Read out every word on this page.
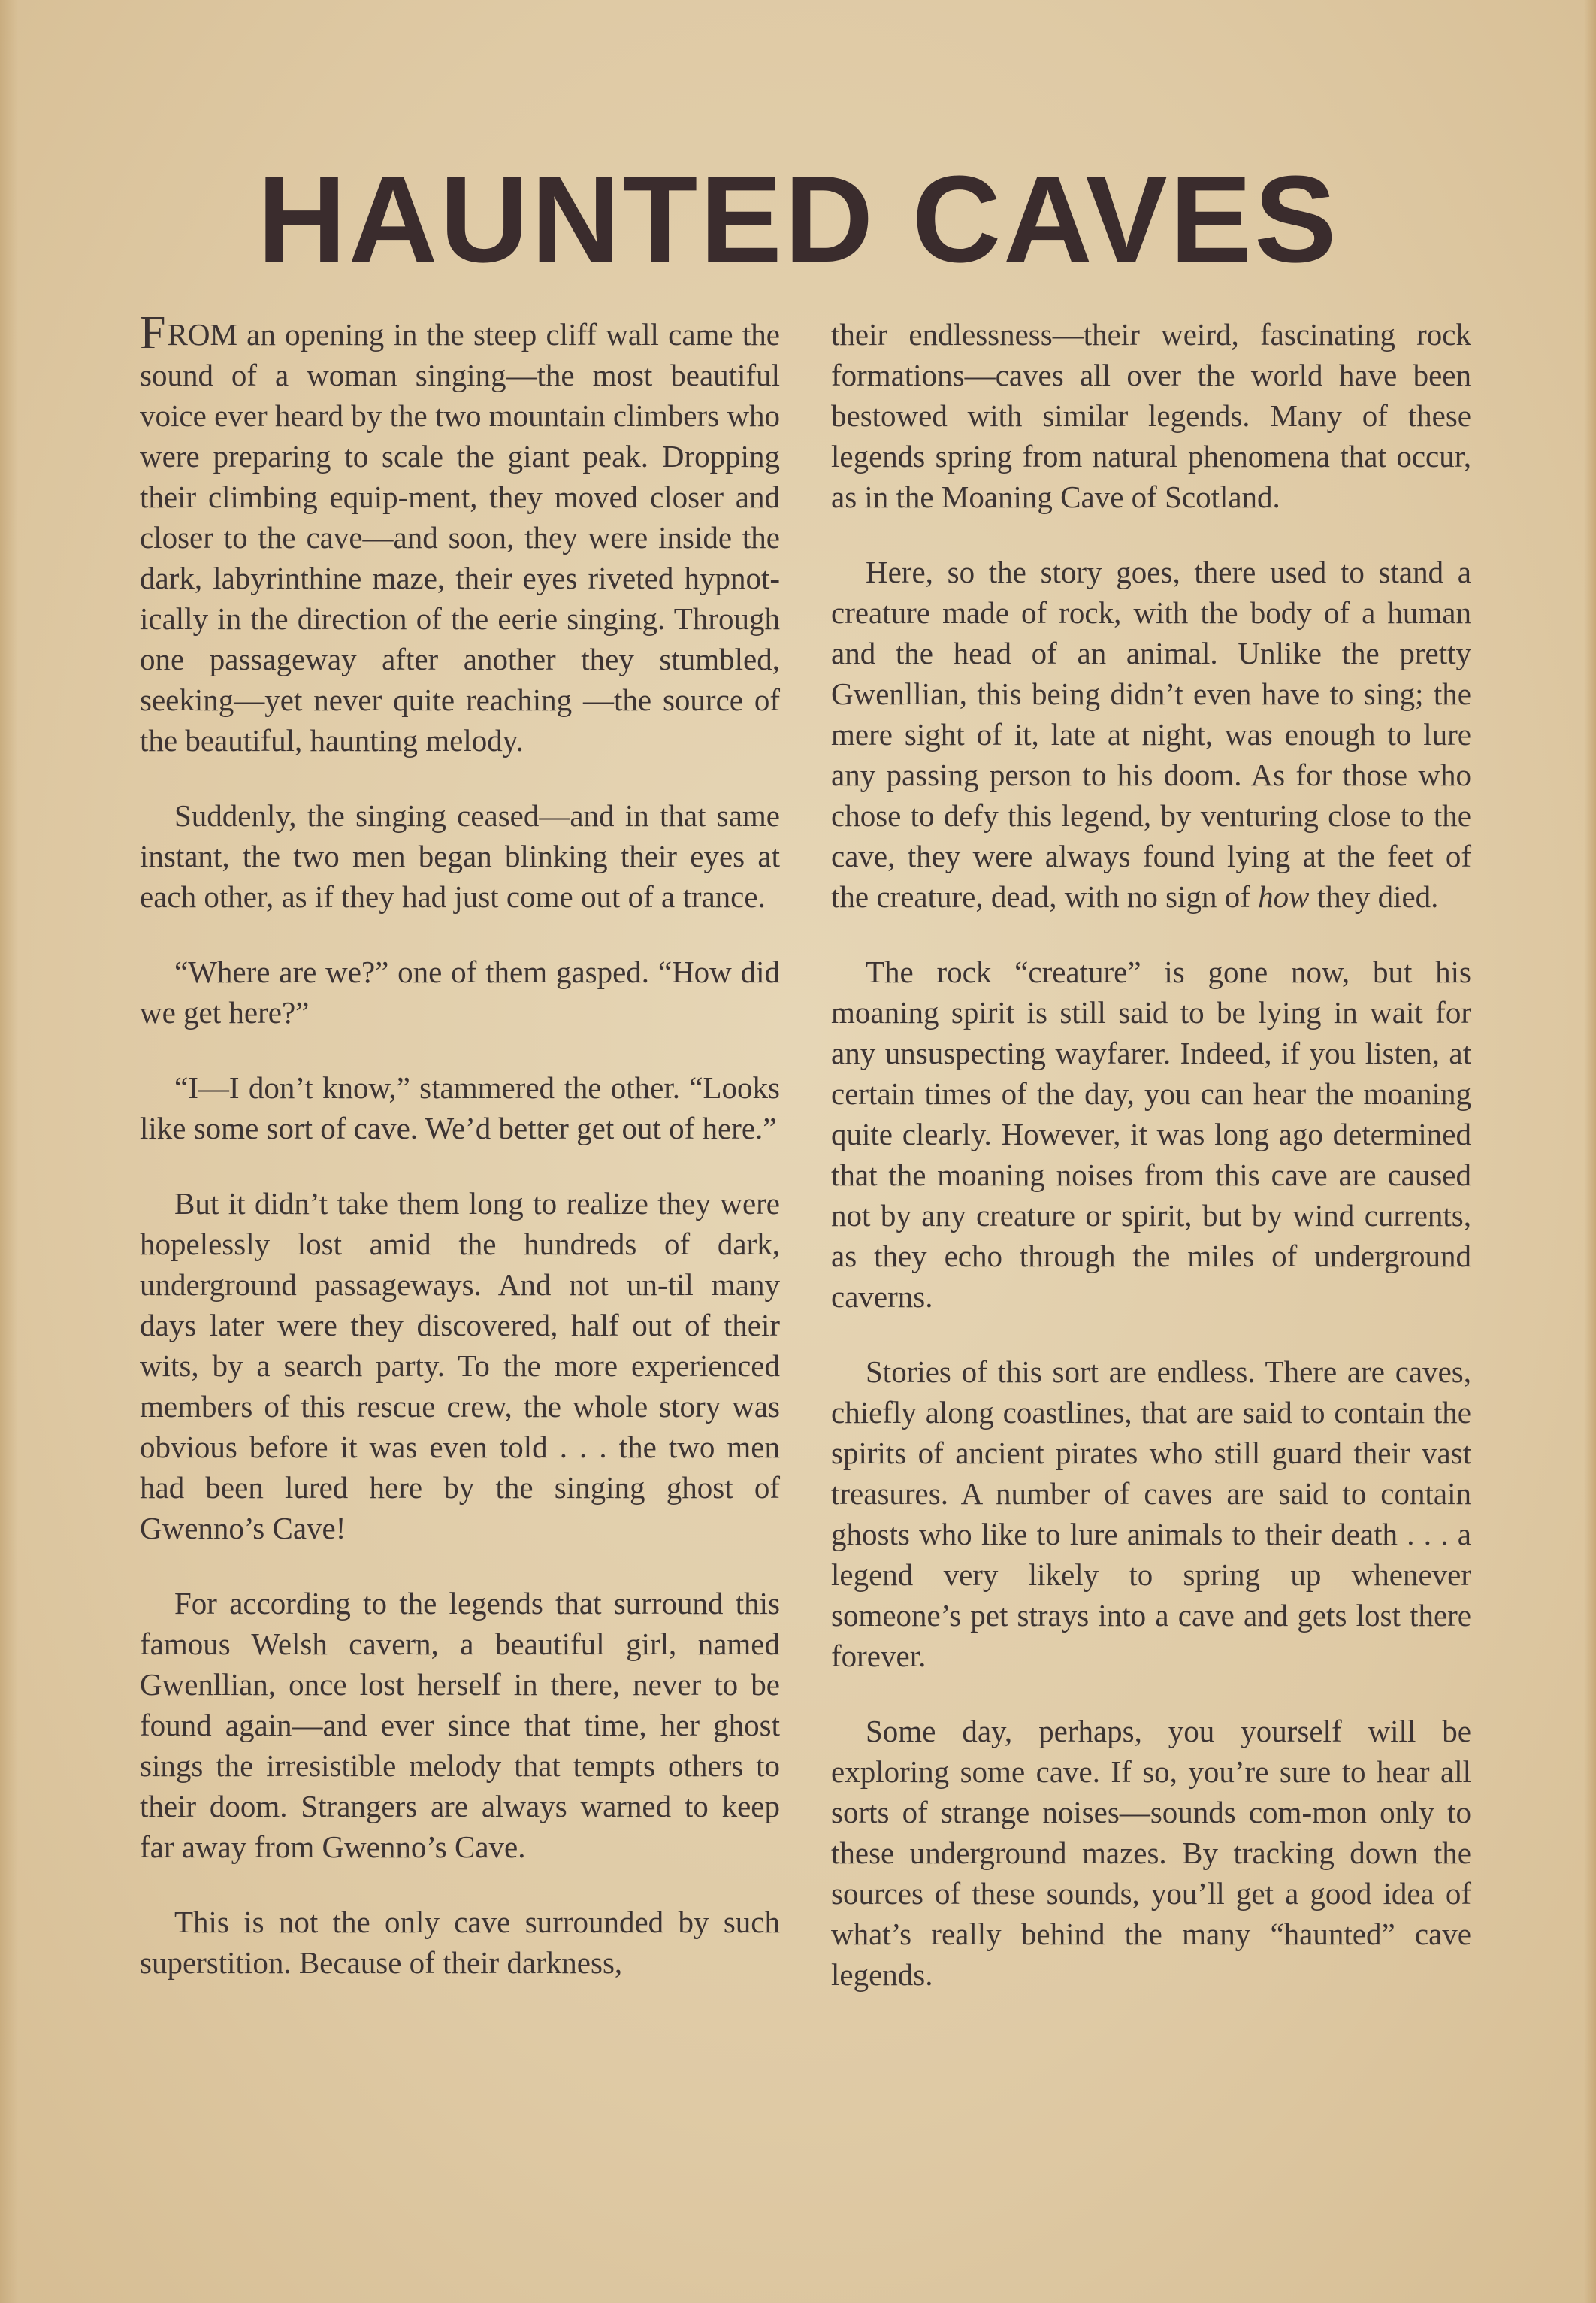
HAUNTED CAVES

FROM an opening in the steep cliff wall came the sound of a woman singing—the most beautiful voice ever heard by the two mountain climbers who were preparing to scale the giant peak. Dropping their climbing equip-ment, they moved closer and closer to the cave—and soon, they were inside the dark, labyrinthine maze, their eyes riveted hypnot-ically in the direction of the eerie singing. Through one passageway after another they stumbled, seeking—yet never quite reaching —the source of the beautiful, haunting melody.

Suddenly, the singing ceased—and in that same instant, the two men began blinking their eyes at each other, as if they had just come out of a trance.

“Where are we?” one of them gasped. “How did we get here?”

“I—I don’t know,” stammered the other. “Looks like some sort of cave. We’d better get out of here.”

But it didn’t take them long to realize they were hopelessly lost amid the hundreds of dark, underground passageways. And not un-til many days later were they discovered, half out of their wits, by a search party. To the more experienced members of this rescue crew, the whole story was obvious before it was even told . . . the two men had been lured here by the singing ghost of Gwenno’s Cave!

For according to the legends that surround this famous Welsh cavern, a beautiful girl, named Gwenllian, once lost herself in there, never to be found again—and ever since that time, her ghost sings the irresistible melody that tempts others to their doom. Strangers are always warned to keep far away from Gwenno’s Cave.

This is not the only cave surrounded by such superstition. Because of their darkness,

their endlessness—their weird, fascinating rock formations—caves all over the world have been bestowed with similar legends. Many of these legends spring from natural phenomena that occur, as in the Moaning Cave of Scotland.

Here, so the story goes, there used to stand a creature made of rock, with the body of a human and the head of an animal. Unlike the pretty Gwenllian, this being didn’t even have to sing; the mere sight of it, late at night, was enough to lure any passing person to his doom. As for those who chose to defy this legend, by venturing close to the cave, they were always found lying at the feet of the creature, dead, with no sign of how they died.

The rock “creature” is gone now, but his moaning spirit is still said to be lying in wait for any unsuspecting wayfarer. Indeed, if you listen, at certain times of the day, you can hear the moaning quite clearly. However, it was long ago determined that the moaning noises from this cave are caused not by any creature or spirit, but by wind currents, as they echo through the miles of underground caverns.

Stories of this sort are endless. There are caves, chiefly along coastlines, that are said to contain the spirits of ancient pirates who still guard their vast treasures. A number of caves are said to contain ghosts who like to lure animals to their death . . . a legend very likely to spring up whenever someone’s pet strays into a cave and gets lost there forever.

Some day, perhaps, you yourself will be exploring some cave. If so, you’re sure to hear all sorts of strange noises—sounds com-mon only to these underground mazes. By tracking down the sources of these sounds, you’ll get a good idea of what’s really behind the many “haunted” cave legends.
